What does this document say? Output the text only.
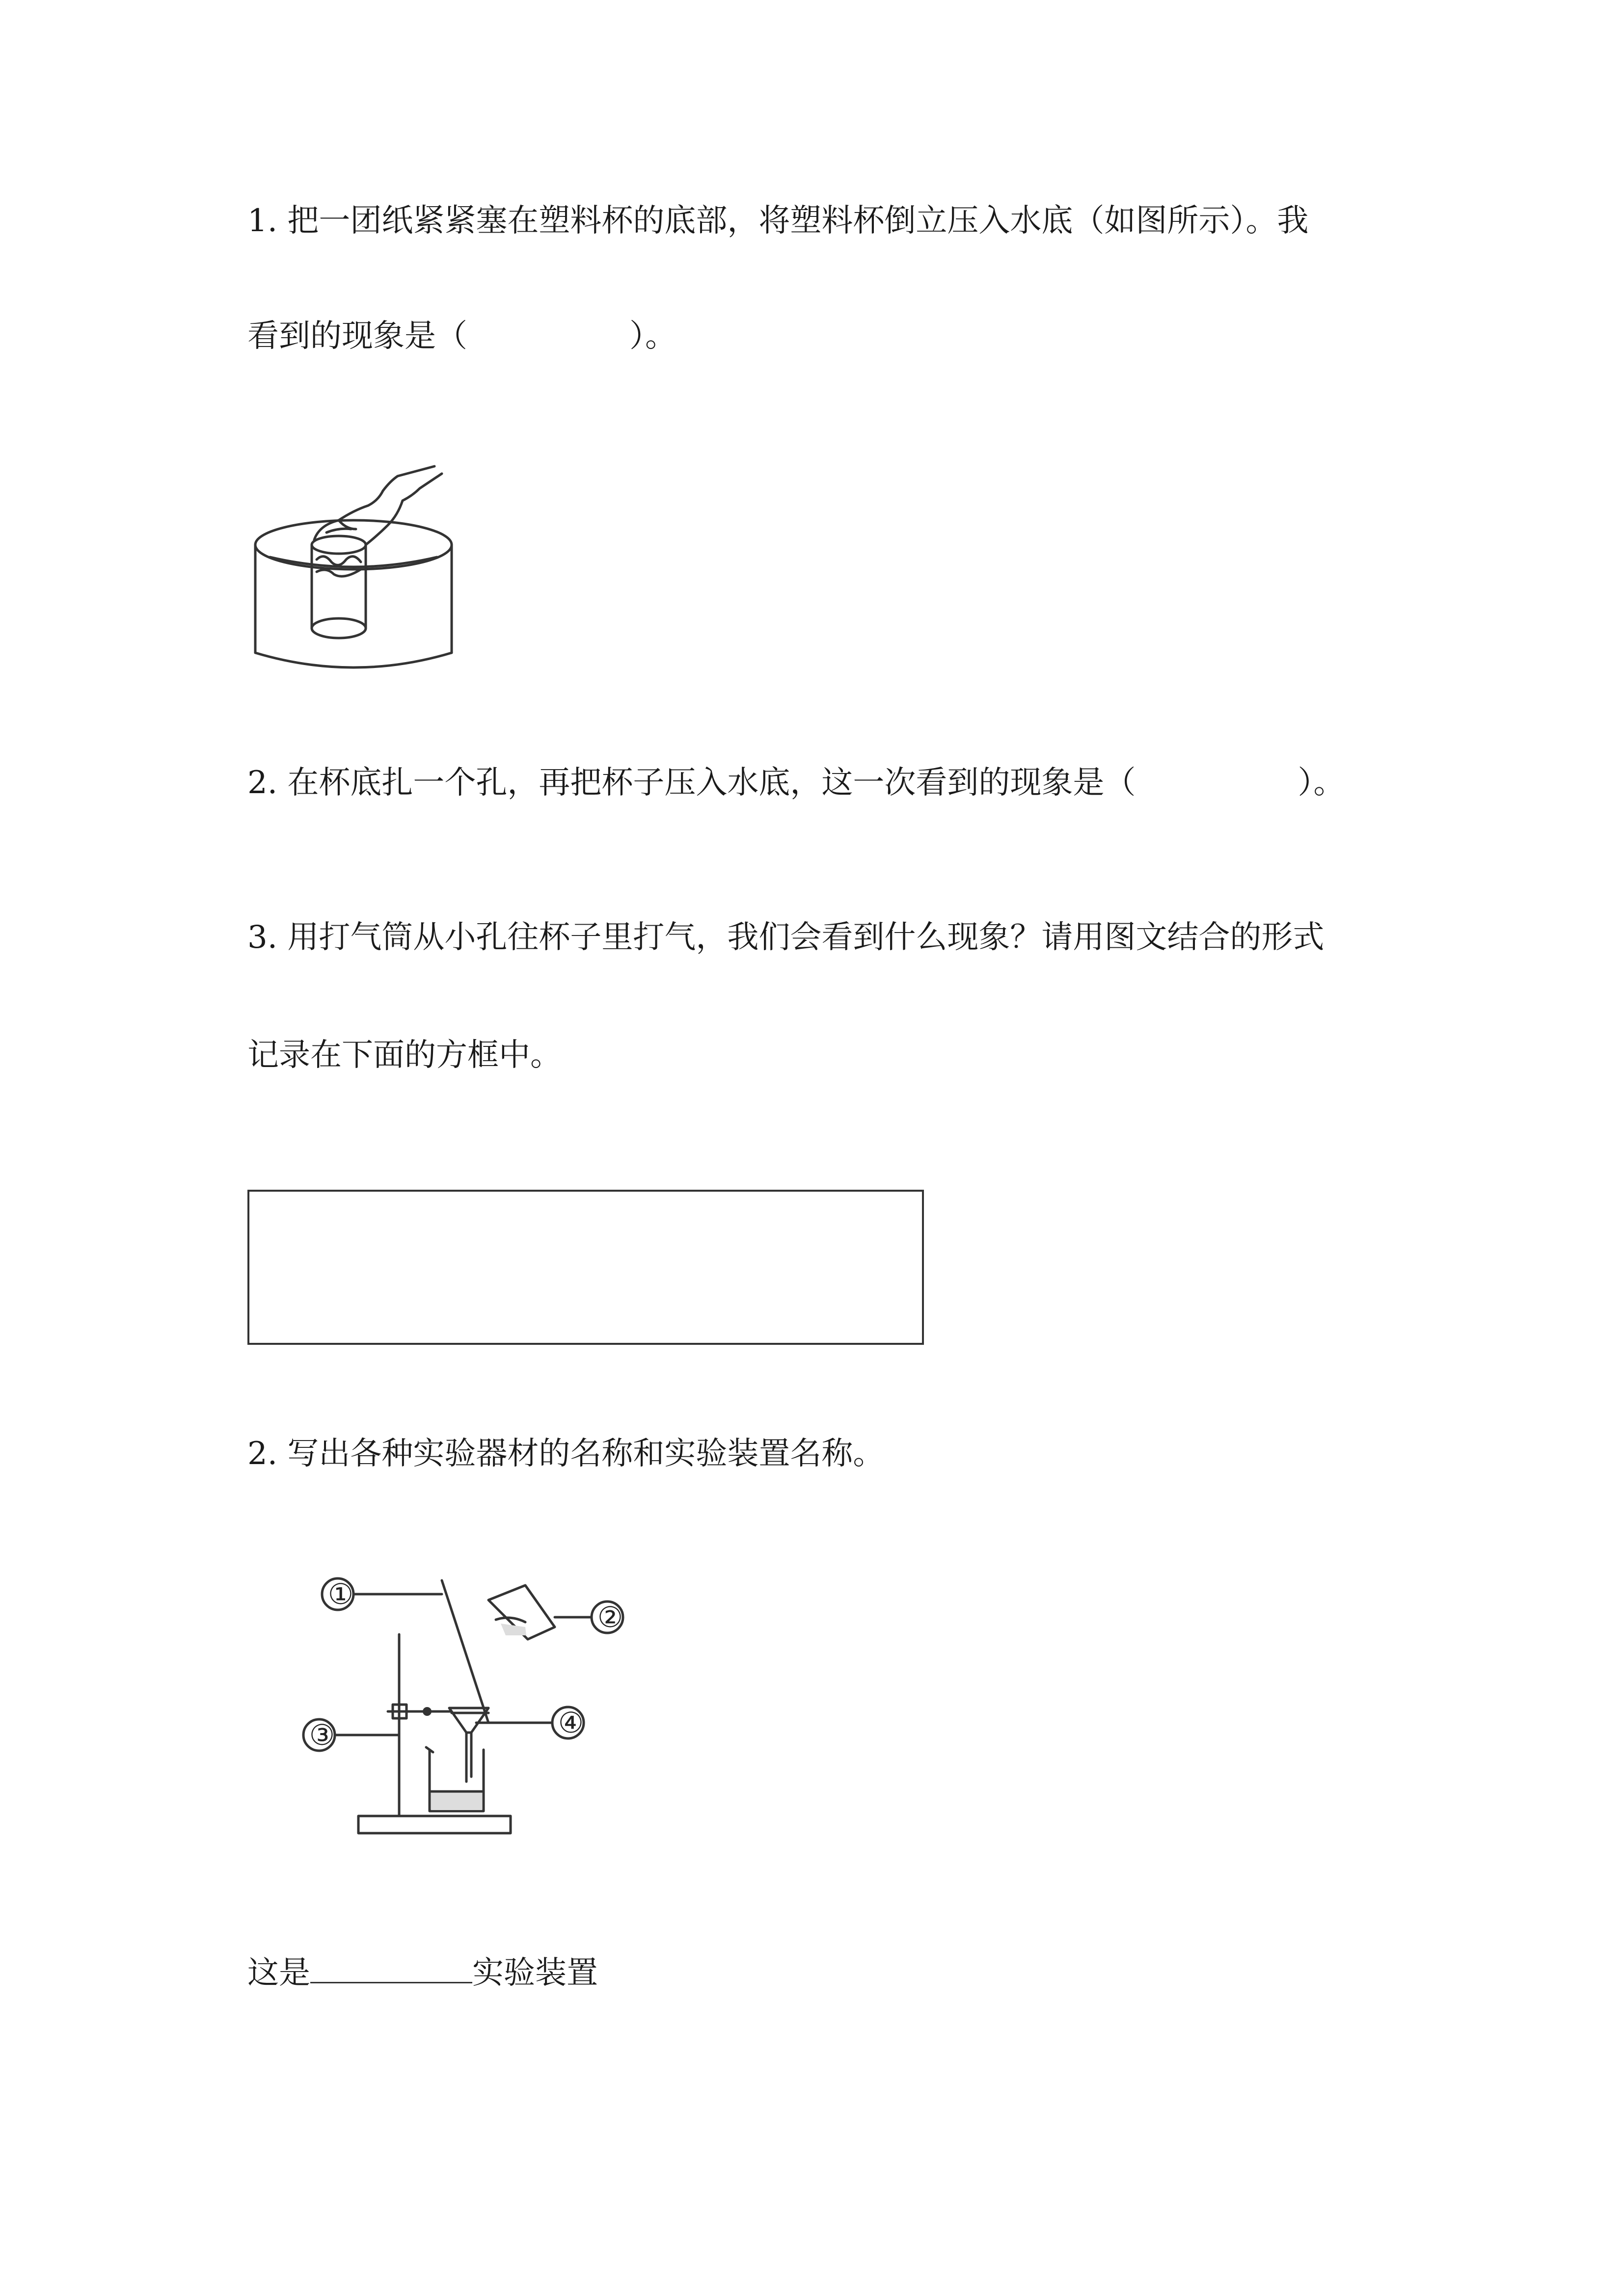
1. 把一团纸紧紧塞在塑料杯的底部，将塑料杯倒立压入水底（如图所示）。我
看到的现象是（	）。
2. 在杯底扎一个孔，再把杯子压入水底，这一次看到的现象是（	）。
3. 用打气筒从小孔往杯子里打气，我们会看到什么现象？请用图文结合的形式
记录在下面的方框中。
2. 写出各种实验器材的名称和实验装置名称。
①
②
③	④
这是	实验装置
